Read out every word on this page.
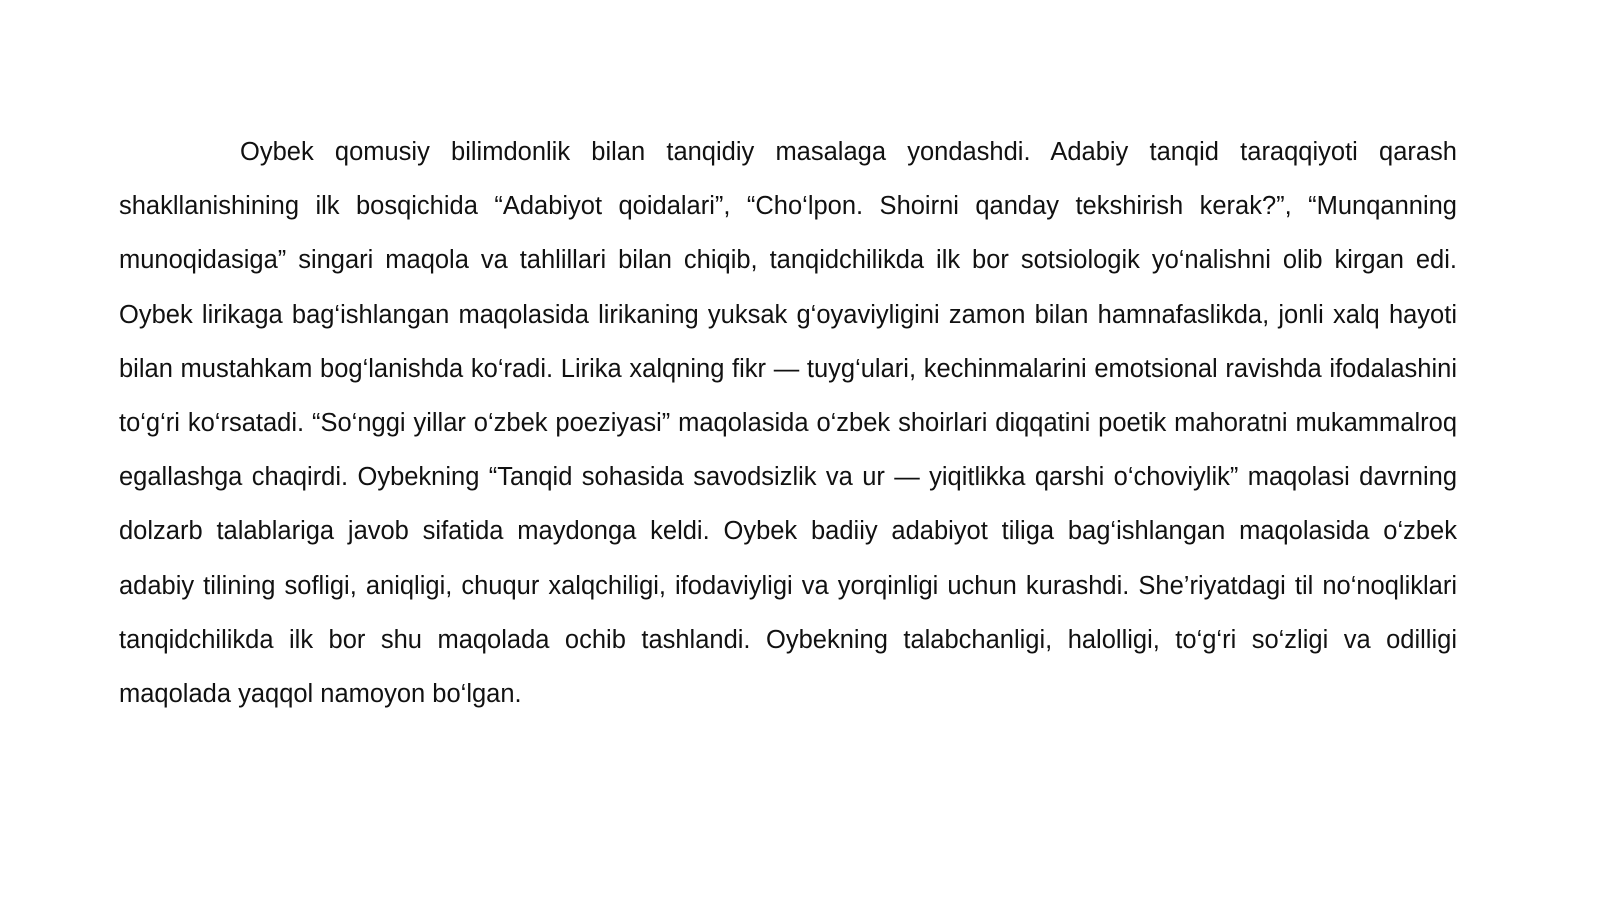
Oybek qomusiy bilimdonlik bilan tanqidiy masalaga yondashdi. Adabiy tanqid taraqqiyoti qarash shakllanishining ilk bosqichida “Adabiyot qoidalari”, “Cho‘lpon. Shoirni qanday tekshirish kerak?”, “Munqanning munoqidasiga” singari maqola va tahlillari bilan chiqib, tanqidchilikda ilk bor sotsiologik yo‘nalishni olib kirgan edi. Oybek lirikaga bag‘ishlangan maqolasida lirikaning yuksak g‘oyaviyligini zamon bilan hamnafaslikda, jonli xalq hayoti bilan mustahkam bog‘lanishda ko‘radi. Lirika xalqning fikr — tuyg‘ulari, kechinmalarini emotsional ravishda ifodalashini to‘g‘ri ko‘rsatadi. “So‘nggi yillar o‘zbek poeziyasi” maqolasida o‘zbek shoirlari diqqatini poetik mahoratni mukammalroq egallashga chaqirdi. Oybekning “Tanqid sohasida savodsizlik va ur — yiqitlikka qarshi o‘choviylik” maqolasi davrning dolzarb talablariga javob sifatida maydonga keldi. Oybek badiiy adabiyot tiliga bag‘ishlangan maqolasida o‘zbek adabiy tilining sofligi, aniqligi, chuqur xalqchiligi, ifodaviyligi va yorqinligi uchun kurashdi. She’riyatdagi til no‘noqliklari tanqidchilikda ilk bor shu maqolada ochib tashlandi. Oybekning talabchanligi, halolligi, to‘g‘ri so‘zligi va odilligi maqolada yaqqol namoyon bo‘lgan.
